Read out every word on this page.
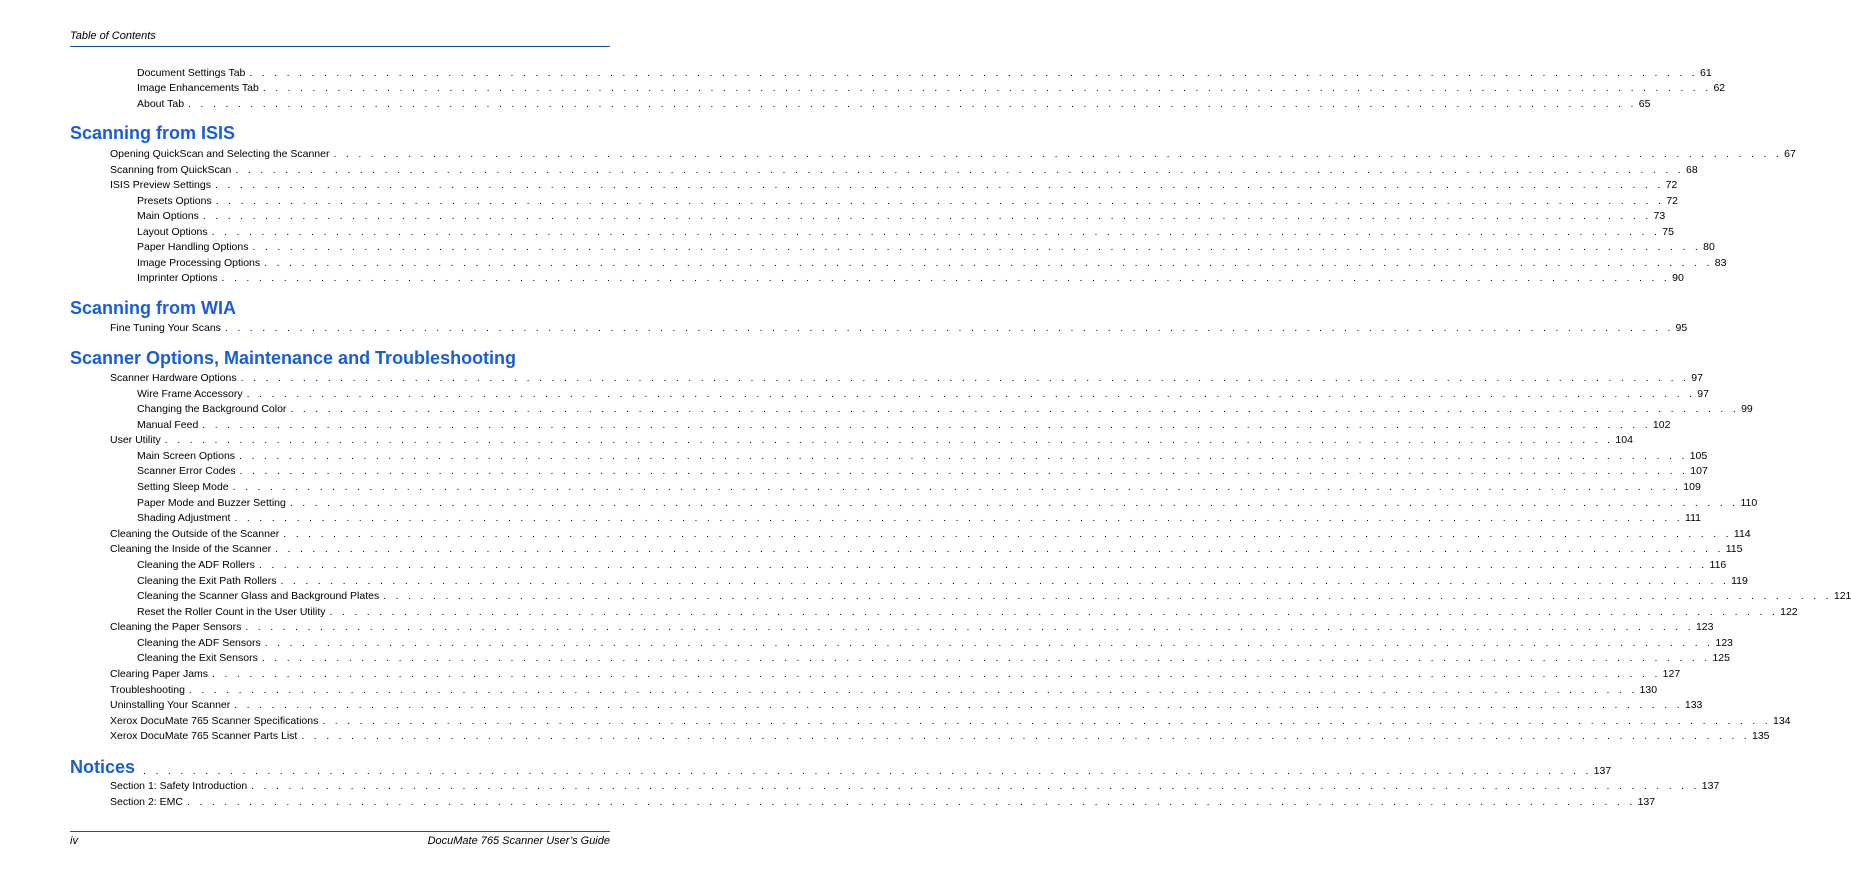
Table of Contents
Document Settings Tab . . . . . . . . . . . . . . . . . . . . . . . . . . . . . . . . . . . . . . . . . . . . . . . . . . . . . . . . . . . . . . . . . . . . . . . . . . . . . . . . . . . . . . . . . . . . . . . . . . . . . . . . . . . . . . . . . . . . . 61
Image Enhancements Tab . . . . . . . . . . . . . . . . . . . . . . . . . . . . . . . . . . . . . . . . . . . . . . . . . . . . . . . . . . . . . . . . . . . . . . . . . . . . . . . . . . . . . . . . . . . . . . . . . . . . . . . . . . . . . . . . . . . . . 62
About Tab . . . . . . . . . . . . . . . . . . . . . . . . . . . . . . . . . . . . . . . . . . . . . . . . . . . . . . . . . . . . . . . . . . . . . . . . . . . . . . . . . . . . . . . . . . . . . . . . . . . . . . . . . . . . . . . . . . . . . 65
Scanning from ISIS
Opening QuickScan and Selecting the Scanner . . . . . . . . . . . . . . . . . . . . . . . . . . . . . . . . . . . . . . . . . . . . . . . . . . . . . . . . . . . . . . . . . . . . . . . . . . . . . . . . . . . . . . . . . . . . . . . . . . . . . . . . . . . . . . . . . . . . . 67
Scanning from QuickScan . . . . . . . . . . . . . . . . . . . . . . . . . . . . . . . . . . . . . . . . . . . . . . . . . . . . . . . . . . . . . . . . . . . . . . . . . . . . . . . . . . . . . . . . . . . . . . . . . . . . . . . . . . . . . . . . . . . . . 68
ISIS Preview Settings . . . . . . . . . . . . . . . . . . . . . . . . . . . . . . . . . . . . . . . . . . . . . . . . . . . . . . . . . . . . . . . . . . . . . . . . . . . . . . . . . . . . . . . . . . . . . . . . . . . . . . . . . . . . . . . . . . . . . 72
Presets Options . . . . . . . . . . . . . . . . . . . . . . . . . . . . . . . . . . . . . . . . . . . . . . . . . . . . . . . . . . . . . . . . . . . . . . . . . . . . . . . . . . . . . . . . . . . . . . . . . . . . . . . . . . . . . . . . . . . . . 72
Main Options . . . . . . . . . . . . . . . . . . . . . . . . . . . . . . . . . . . . . . . . . . . . . . . . . . . . . . . . . . . . . . . . . . . . . . . . . . . . . . . . . . . . . . . . . . . . . . . . . . . . . . . . . . . . . . . . . . . . . 73
Layout Options . . . . . . . . . . . . . . . . . . . . . . . . . . . . . . . . . . . . . . . . . . . . . . . . . . . . . . . . . . . . . . . . . . . . . . . . . . . . . . . . . . . . . . . . . . . . . . . . . . . . . . . . . . . . . . . . . . . . . 75
Paper Handling Options . . . . . . . . . . . . . . . . . . . . . . . . . . . . . . . . . . . . . . . . . . . . . . . . . . . . . . . . . . . . . . . . . . . . . . . . . . . . . . . . . . . . . . . . . . . . . . . . . . . . . . . . . . . . . . . . . . . . . 80
Image Processing Options . . . . . . . . . . . . . . . . . . . . . . . . . . . . . . . . . . . . . . . . . . . . . . . . . . . . . . . . . . . . . . . . . . . . . . . . . . . . . . . . . . . . . . . . . . . . . . . . . . . . . . . . . . . . . . . . . . . . . 83
Imprinter Options . . . . . . . . . . . . . . . . . . . . . . . . . . . . . . . . . . . . . . . . . . . . . . . . . . . . . . . . . . . . . . . . . . . . . . . . . . . . . . . . . . . . . . . . . . . . . . . . . . . . . . . . . . . . . . . . . . . . . 90
Scanning from WIA
Fine Tuning Your Scans . . . . . . . . . . . . . . . . . . . . . . . . . . . . . . . . . . . . . . . . . . . . . . . . . . . . . . . . . . . . . . . . . . . . . . . . . . . . . . . . . . . . . . . . . . . . . . . . . . . . . . . . . . . . . . . . . . . . . 95
Scanner Options, Maintenance and Troubleshooting
Scanner Hardware Options . . . . . . . . . . . . . . . . . . . . . . . . . . . . . . . . . . . . . . . . . . . . . . . . . . . . . . . . . . . . . . . . . . . . . . . . . . . . . . . . . . . . . . . . . . . . . . . . . . . . . . . . . . . . . . . . . . . . . 97
Wire Frame Accessory . . . . . . . . . . . . . . . . . . . . . . . . . . . . . . . . . . . . . . . . . . . . . . . . . . . . . . . . . . . . . . . . . . . . . . . . . . . . . . . . . . . . . . . . . . . . . . . . . . . . . . . . . . . . . . . . . . . . . 97
Changing the Background Color . . . . . . . . . . . . . . . . . . . . . . . . . . . . . . . . . . . . . . . . . . . . . . . . . . . . . . . . . . . . . . . . . . . . . . . . . . . . . . . . . . . . . . . . . . . . . . . . . . . . . . . . . . . . . . . . . . . . . 99
Manual Feed . . . . . . . . . . . . . . . . . . . . . . . . . . . . . . . . . . . . . . . . . . . . . . . . . . . . . . . . . . . . . . . . . . . . . . . . . . . . . . . . . . . . . . . . . . . . . . . . . . . . . . . . . . . . . . . . . . . . . 102
User Utility . . . . . . . . . . . . . . . . . . . . . . . . . . . . . . . . . . . . . . . . . . . . . . . . . . . . . . . . . . . . . . . . . . . . . . . . . . . . . . . . . . . . . . . . . . . . . . . . . . . . . . . . . . . . . . . . . . . . . 104
Main Screen Options . . . . . . . . . . . . . . . . . . . . . . . . . . . . . . . . . . . . . . . . . . . . . . . . . . . . . . . . . . . . . . . . . . . . . . . . . . . . . . . . . . . . . . . . . . . . . . . . . . . . . . . . . . . . . . . . . . . . . 105
Scanner Error Codes . . . . . . . . . . . . . . . . . . . . . . . . . . . . . . . . . . . . . . . . . . . . . . . . . . . . . . . . . . . . . . . . . . . . . . . . . . . . . . . . . . . . . . . . . . . . . . . . . . . . . . . . . . . . . . . . . . . . . 107
Setting Sleep Mode . . . . . . . . . . . . . . . . . . . . . . . . . . . . . . . . . . . . . . . . . . . . . . . . . . . . . . . . . . . . . . . . . . . . . . . . . . . . . . . . . . . . . . . . . . . . . . . . . . . . . . . . . . . . . . . . . . . . . 109
Paper Mode and Buzzer Setting . . . . . . . . . . . . . . . . . . . . . . . . . . . . . . . . . . . . . . . . . . . . . . . . . . . . . . . . . . . . . . . . . . . . . . . . . . . . . . . . . . . . . . . . . . . . . . . . . . . . . . . . . . . . . . . . . . . . . 110
Shading Adjustment . . . . . . . . . . . . . . . . . . . . . . . . . . . . . . . . . . . . . . . . . . . . . . . . . . . . . . . . . . . . . . . . . . . . . . . . . . . . . . . . . . . . . . . . . . . . . . . . . . . . . . . . . . . . . . . . . . . . . 111
Cleaning the Outside of the Scanner . . . . . . . . . . . . . . . . . . . . . . . . . . . . . . . . . . . . . . . . . . . . . . . . . . . . . . . . . . . . . . . . . . . . . . . . . . . . . . . . . . . . . . . . . . . . . . . . . . . . . . . . . . . . . . . . . . . . . 114
Cleaning the Inside of the Scanner . . . . . . . . . . . . . . . . . . . . . . . . . . . . . . . . . . . . . . . . . . . . . . . . . . . . . . . . . . . . . . . . . . . . . . . . . . . . . . . . . . . . . . . . . . . . . . . . . . . . . . . . . . . . . . . . . . . . . 115
Cleaning the ADF Rollers . . . . . . . . . . . . . . . . . . . . . . . . . . . . . . . . . . . . . . . . . . . . . . . . . . . . . . . . . . . . . . . . . . . . . . . . . . . . . . . . . . . . . . . . . . . . . . . . . . . . . . . . . . . . . . . . . . . . . 116
Cleaning the Exit Path Rollers . . . . . . . . . . . . . . . . . . . . . . . . . . . . . . . . . . . . . . . . . . . . . . . . . . . . . . . . . . . . . . . . . . . . . . . . . . . . . . . . . . . . . . . . . . . . . . . . . . . . . . . . . . . . . . . . . . . . . 119
Cleaning the Scanner Glass and Background Plates . . . . . . . . . . . . . . . . . . . . . . . . . . . . . . . . . . . . . . . . . . . . . . . . . . . . . . . . . . . . . . . . . . . . . . . . . . . . . . . . . . . . . . . . . . . . . . . . . . . . . . . . . . . . . . . . . . . . . 121
Reset the Roller Count in the User Utility . . . . . . . . . . . . . . . . . . . . . . . . . . . . . . . . . . . . . . . . . . . . . . . . . . . . . . . . . . . . . . . . . . . . . . . . . . . . . . . . . . . . . . . . . . . . . . . . . . . . . . . . . . . . . . . . . . . . . 122
Cleaning the Paper Sensors . . . . . . . . . . . . . . . . . . . . . . . . . . . . . . . . . . . . . . . . . . . . . . . . . . . . . . . . . . . . . . . . . . . . . . . . . . . . . . . . . . . . . . . . . . . . . . . . . . . . . . . . . . . . . . . . . . . . . 123
Cleaning the ADF Sensors . . . . . . . . . . . . . . . . . . . . . . . . . . . . . . . . . . . . . . . . . . . . . . . . . . . . . . . . . . . . . . . . . . . . . . . . . . . . . . . . . . . . . . . . . . . . . . . . . . . . . . . . . . . . . . . . . . . . . 123
Cleaning the Exit Sensors . . . . . . . . . . . . . . . . . . . . . . . . . . . . . . . . . . . . . . . . . . . . . . . . . . . . . . . . . . . . . . . . . . . . . . . . . . . . . . . . . . . . . . . . . . . . . . . . . . . . . . . . . . . . . . . . . . . . . 125
Clearing Paper Jams . . . . . . . . . . . . . . . . . . . . . . . . . . . . . . . . . . . . . . . . . . . . . . . . . . . . . . . . . . . . . . . . . . . . . . . . . . . . . . . . . . . . . . . . . . . . . . . . . . . . . . . . . . . . . . . . . . . . . 127
Troubleshooting . . . . . . . . . . . . . . . . . . . . . . . . . . . . . . . . . . . . . . . . . . . . . . . . . . . . . . . . . . . . . . . . . . . . . . . . . . . . . . . . . . . . . . . . . . . . . . . . . . . . . . . . . . . . . . . . . . . . . 130
Uninstalling Your Scanner . . . . . . . . . . . . . . . . . . . . . . . . . . . . . . . . . . . . . . . . . . . . . . . . . . . . . . . . . . . . . . . . . . . . . . . . . . . . . . . . . . . . . . . . . . . . . . . . . . . . . . . . . . . . . . . . . . . . . 133
Xerox DocuMate 765 Scanner Specifications . . . . . . . . . . . . . . . . . . . . . . . . . . . . . . . . . . . . . . . . . . . . . . . . . . . . . . . . . . . . . . . . . . . . . . . . . . . . . . . . . . . . . . . . . . . . . . . . . . . . . . . . . . . . . . . . . . . . . 134
Xerox DocuMate 765 Scanner Parts List . . . . . . . . . . . . . . . . . . . . . . . . . . . . . . . . . . . . . . . . . . . . . . . . . . . . . . . . . . . . . . . . . . . . . . . . . . . . . . . . . . . . . . . . . . . . . . . . . . . . . . . . . . . . . . . . . . . . . 135
Notices . . . . . . . . . . . . . . . . . . . . . . . . . . . . . . . . . . . . . . . . . . . . . . . . . . . . . . . . . . . . . . . . . . . . . . . . . . . . . . . . . . . . . . . . . . . . . . . . . . . . . . . . . . . . . . . . . . . . . 137
Section 1: Safety Introduction . . . . . . . . . . . . . . . . . . . . . . . . . . . . . . . . . . . . . . . . . . . . . . . . . . . . . . . . . . . . . . . . . . . . . . . . . . . . . . . . . . . . . . . . . . . . . . . . . . . . . . . . . . . . . . . . . . . . . 137
Section 2: EMC . . . . . . . . . . . . . . . . . . . . . . . . . . . . . . . . . . . . . . . . . . . . . . . . . . . . . . . . . . . . . . . . . . . . . . . . . . . . . . . . . . . . . . . . . . . . . . . . . . . . . . . . . . . . . . . . . . . . . 137
iv	DocuMate 765 Scanner User’s Guide
